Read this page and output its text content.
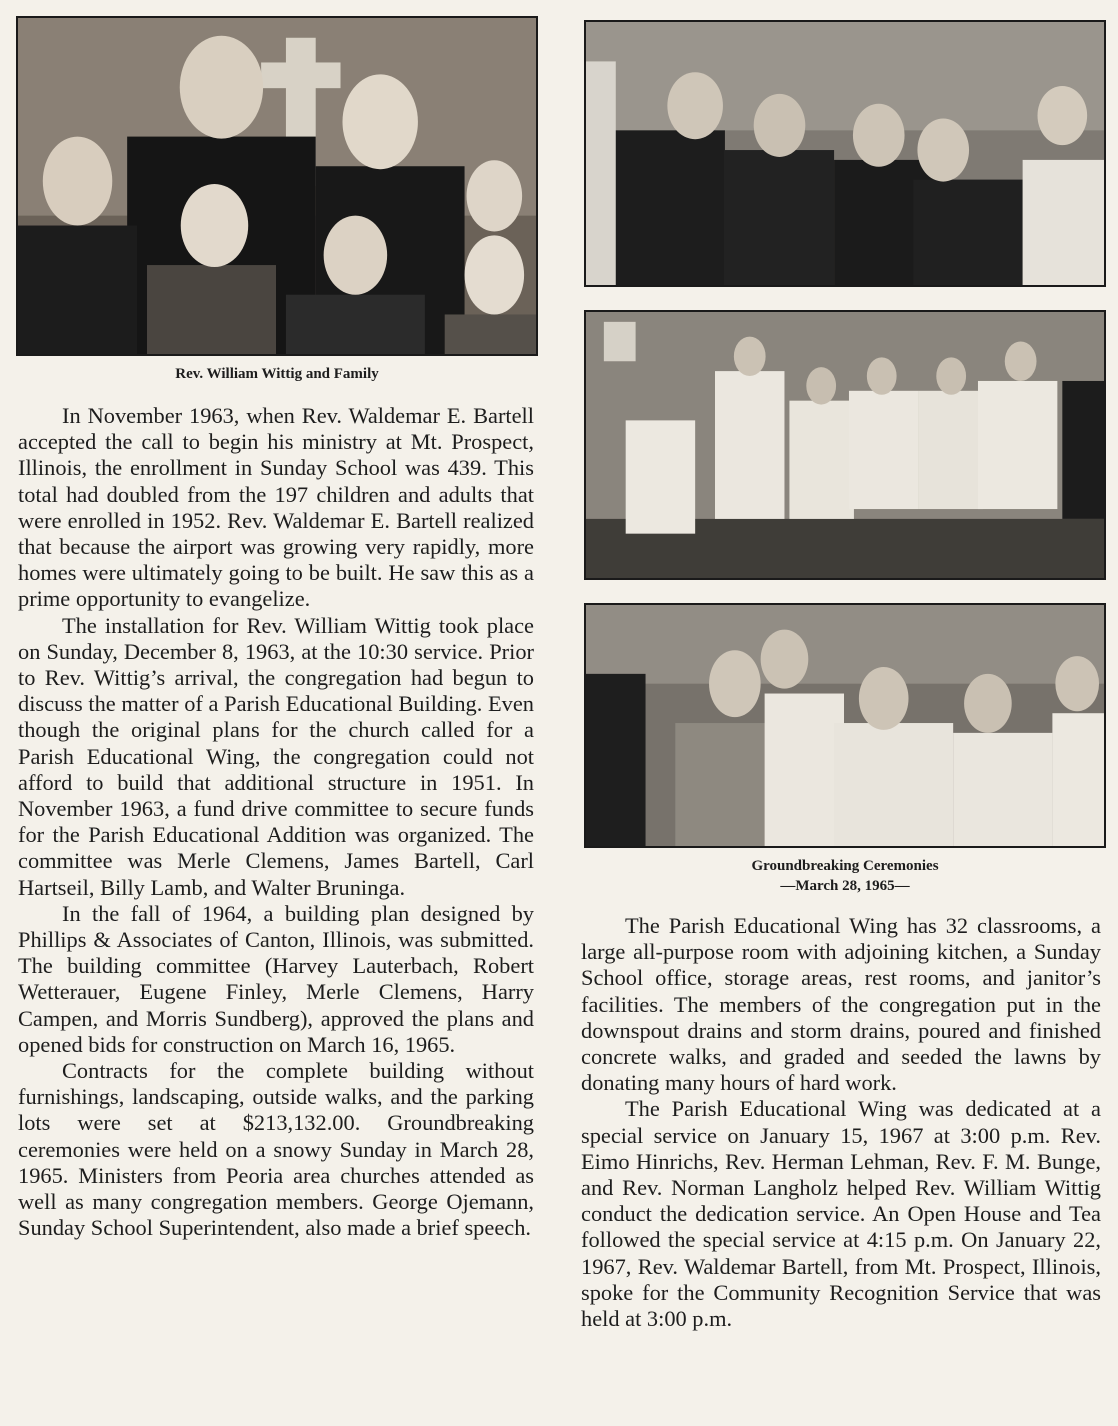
Rev. William Wittig and Family
Groundbreaking Ceremonies
—March 28, 1965—

In November 1963, when Rev. Waldemar E. Bartell accepted the call to begin his ministry at Mt. Prospect, Illinois, the enrollment in Sunday School was 439. This total had doubled from the 197 children and adults that were enrolled in 1952. Rev. Waldemar E. Bartell realized that because the airport was growing very rapidly, more homes were ultimately going to be built. He saw this as a prime opportunity to evangelize.

The installation for Rev. William Wittig took place on Sunday, December 8, 1963, at the 10:30 service. Prior to Rev. Wittig’s arrival, the congregation had begun to discuss the matter of a Parish Educational Building. Even though the original plans for the church called for a Parish Educational Wing, the congregation could not afford to build that additional structure in 1951. In November 1963, a fund drive committee to secure funds for the Parish Educational Addition was organized. The committee was Merle Clemens, James Bartell, Carl Hartseil, Billy Lamb, and Walter Bruninga.

In the fall of 1964, a building plan designed by Phillips & Associates of Canton, Illinois, was submitted. The building committee (Harvey Lauterbach, Robert Wetterauer, Eugene Finley, Merle Clemens, Harry Campen, and Morris Sundberg), approved the plans and opened bids for construction on March 16, 1965.

Contracts for the complete building without furnishings, landscaping, outside walks, and the parking lots were set at $213,132.00. Groundbreaking ceremonies were held on a snowy Sunday in March 28, 1965. Ministers from Peoria area churches attended as well as many congregation members. George Ojemann, Sunday School Superintendent, also made a brief speech.

The Parish Educational Wing has 32 classrooms, a large all-purpose room with adjoining kitchen, a Sunday School office, storage areas, rest rooms, and janitor’s facilities. The members of the congregation put in the downspout drains and storm drains, poured and finished concrete walks, and graded and seeded the lawns by donating many hours of hard work.

The Parish Educational Wing was dedicated at a special service on January 15, 1967 at 3:00 p.m. Rev. Eimo Hinrichs, Rev. Herman Lehman, Rev. F. M. Bunge, and Rev. Norman Langholz helped Rev. William Wittig conduct the dedication service. An Open House and Tea followed the special service at 4:15 p.m. On January 22, 1967, Rev. Waldemar Bartell, from Mt. Prospect, Illinois, spoke for the Community Recognition Service that was held at 3:00 p.m.
